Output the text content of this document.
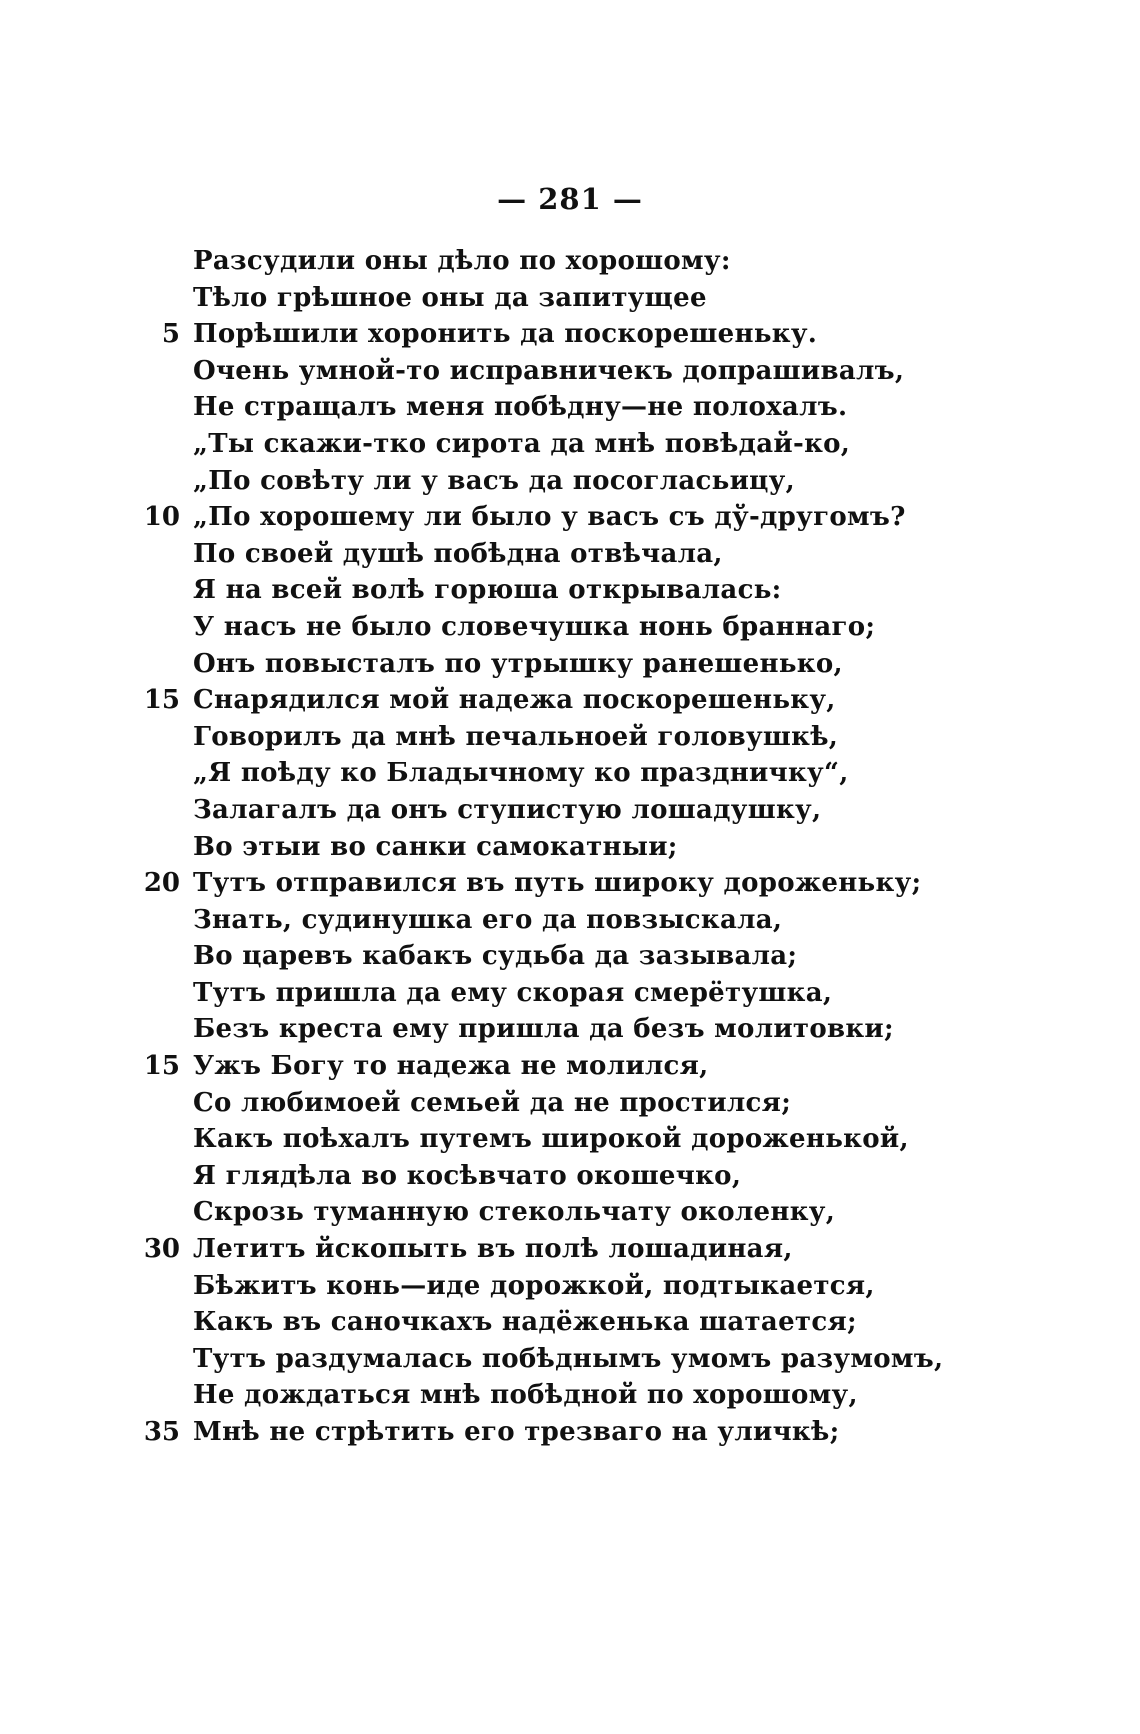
— 281 —
Разсудили оны дѣло по хорошому:
Тѣло грѣшное оны да запитущее
5 Порѣшили хоронить да поскорешеньку.
Очень умной-то исправничекъ допрашивалъ,
Не стращалъ меня побѣдну—не полохалъ.
„Ты скажи-тко сирота да мнѣ повѣдай-ко,
„По совѣту ли у васъ да посогласьицу,
10 „По хорошему ли было у васъ съ дў-другомъ?
По своей душѣ побѣдна отвѣчала,
Я на всей волѣ горюша открывалась:
У насъ не было словечушка нонь браннаго;
Онъ повысталъ по утрышку ранешенько,
15 Снарядился мой надежа поскорешеньку,
Говорилъ да мнѣ печальноей головушкѣ,
„Я поѣду ко Бладычному ко праздничку“,
Залагалъ да онъ ступистую лошадушку,
Во этыи во санки самокатныи;
20 Тутъ отправился въ путь широку дороженьку;
Знать, судинушка его да повзыскала,
Во царевъ кабакъ судьба да зазывала;
Тутъ пришла да ему скорая смерётушка,
Безъ креста ему пришла да безъ молитовки;
15 Ужъ Богу то надежа не молился,
Со любимоей семьей да не простился;
Какъ поѣхалъ путемъ широкой дороженькой,
Я глядѣла во косѣвчато окошечко,
Скрозь туманную стекольчату околенку,
30 Летитъ йскопыть въ полѣ лошадиная,
Бѣжитъ конь—иде дорожкой, подтыкается,
Какъ въ саночкахъ надёженька шатается;
Тутъ раздумалась побѣднымъ умомъ разумомъ,
Не дождаться мнѣ побѣдной по хорошому,
35 Мнѣ не стрѣтить его трезваго на уличкѣ;
